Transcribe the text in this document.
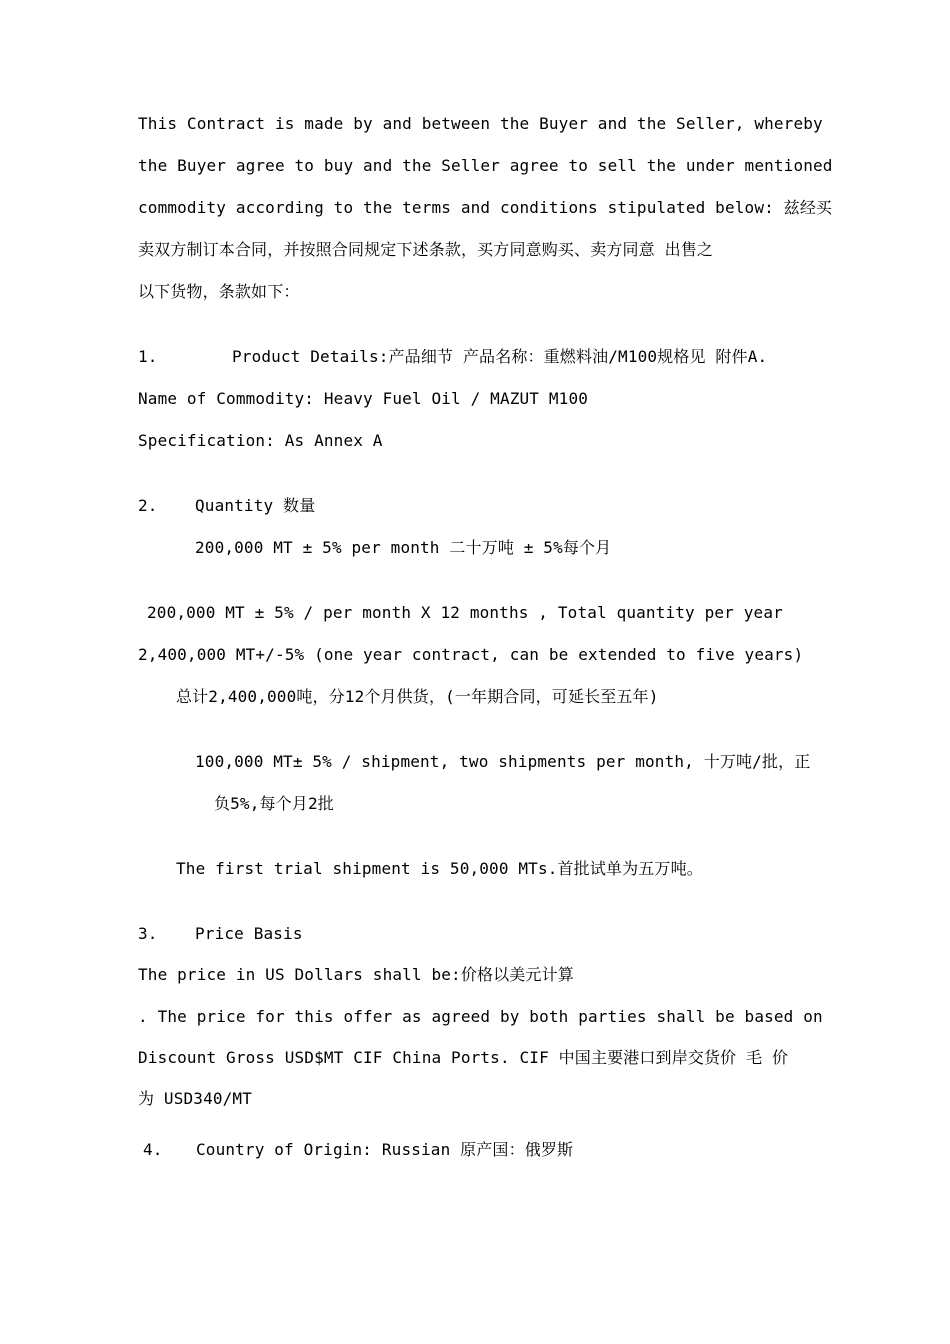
This Contract is made by and between the Buyer and the Seller, whereby
the Buyer agree to buy and the Seller agree to sell the under mentioned
commodity according to the terms and conditions stipulated below: 兹经买
卖双方制订本合同，并按照合同规定下述条款，买方同意购买、卖方同意 出售之
以下货物，条款如下：
1.	Product Details:产品细节 产品名称：重燃料油/M100规格见 附件A.
Name of Commodity: Heavy Fuel Oil / MAZUT M100
Specification: As Annex A
2. Quantity 数量
200,000 MT ± 5% per month 二十万吨 ± 5%每个月
200,000 MT ± 5% / per month X 12 months , Total quantity per year
2,400,000 MT+/-5% (one year contract, can be extended to five years)
总计2,400,000吨，分12个月供货，(一年期合同，可延长至五年)
100,000 MT± 5% / shipment, two shipments per month, 十万吨/批，正
负5%,每个月2批
The first trial shipment is 50,000 MTs.首批试单为五万吨。
3. Price Basis
The price in US Dollars shall be:价格以美元计算
. The price for this offer as agreed by both parties shall be based on
Discount Gross USD$MT CIF China Ports. CIF 中国主要港口到岸交货价 毛 价
为 USD340/MT
4. Country of Origin: Russian 原产国：俄罗斯
